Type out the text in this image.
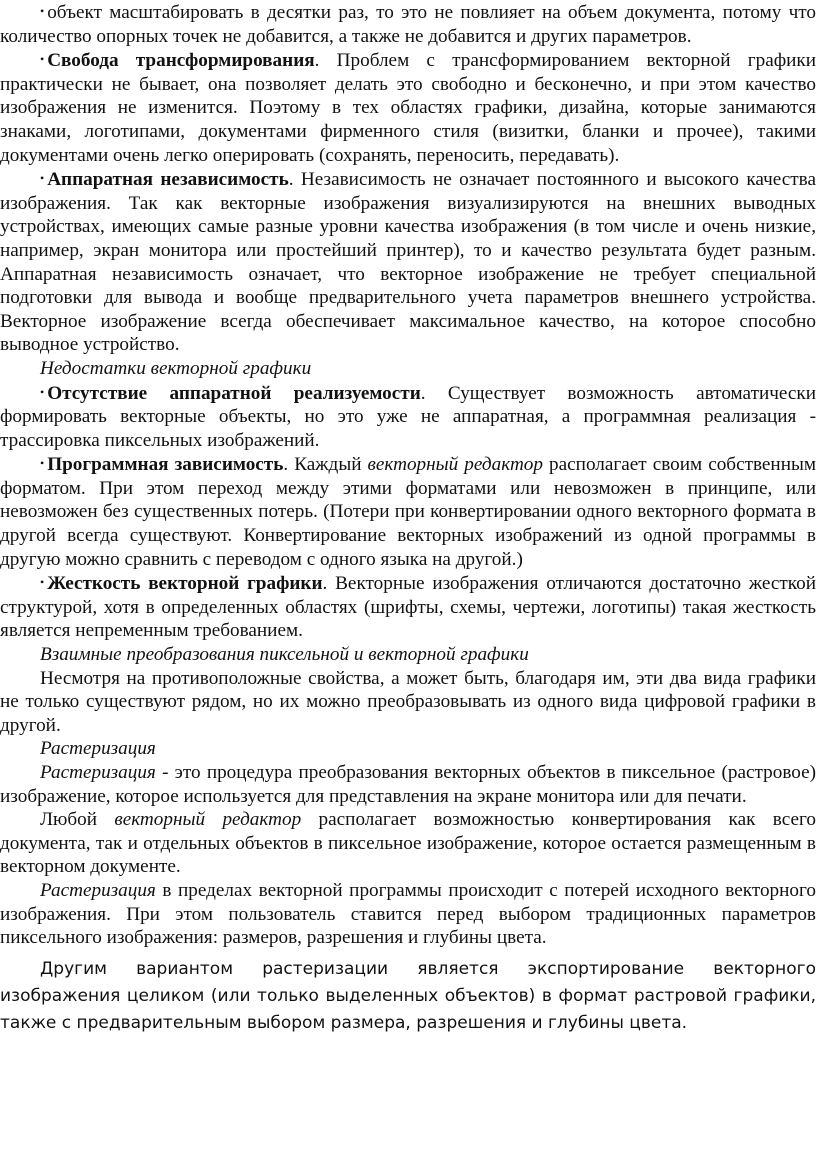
• объект масштабировать в десятки раз, то это не повлияет на объем документа, потому что количество опорных точек не добавится, а также не добавится и других параметров.

• Свобода трансформирования. Проблем с трансформированием векторной графики практически не бывает, она позволяет делать это свободно и бесконечно, и при этом качество изображения не изменится. Поэтому в тех областях графики, дизайна, которые занимаются знаками, логотипами, документами фирменного стиля (визитки, бланки и прочее), такими документами очень легко оперировать (сохранять, переносить, передавать).

• Аппаратная независимость. Независимость не означает постоянного и высокого качества изображения. Так как векторные изображения визуализируются на внешних выводных устройствах, имеющих самые разные уровни качества изображения (в том числе и очень низкие, например, экран монитора или простейший принтер), то и качество результата будет разным. Аппаратная независимость означает, что векторное изображение не требует специальной подготовки для вывода и вообще предварительного учета параметров внешнего устройства. Векторное изображение всегда обеспечивает максимальное качество, на которое способно выводное устройство.

Недостатки векторной графики

• Отсутствие аппаратной реализуемости. Существует возможность автоматически формировать векторные объекты, но это уже не аппаратная, а программная реализация - трассировка пиксельных изображений.

• Программная зависимость. Каждый векторный редактор располагает своим собственным форматом. При этом переход между этими форматами или невозможен в принципе, или невозможен без существенных потерь. (Потери при конвертировании одного векторного формата в другой всегда существуют. Конвертирование векторных изображений из одной программы в другую можно сравнить с переводом с одного языка на другой.)

• Жесткость векторной графики. Векторные изображения отличаются достаточно жесткой структурой, хотя в определенных областях (шрифты, схемы, чертежи, логотипы) такая жесткость является непременным требованием.

Взаимные преобразования пиксельной и векторной графики

Несмотря на противоположные свойства, а может быть, благодаря им, эти два вида графики не только существуют рядом, но их можно преобразовывать из одного вида цифровой графики в другой.

Растеризация

Растеризация - это процедура преобразования векторных объектов в пиксельное (растровое) изображение, которое используется для представления на экране монитора или для печати.

Любой векторный редактор располагает возможностью конвертирования как всего документа, так и отдельных объектов в пиксельное изображение, которое остается размещенным в векторном документе.

Растеризация в пределах векторной программы происходит с потерей исходного векторного изображения. При этом пользователь ставится перед выбором традиционных параметров пиксельного изображения: размеров, разрешения и глубины цвета.

Другим вариантом растеризации является экспортирование векторного изображения целиком (или только выделенных объектов) в формат растровой графики, также с предварительным выбором размера, разрешения и глубины цвета.
